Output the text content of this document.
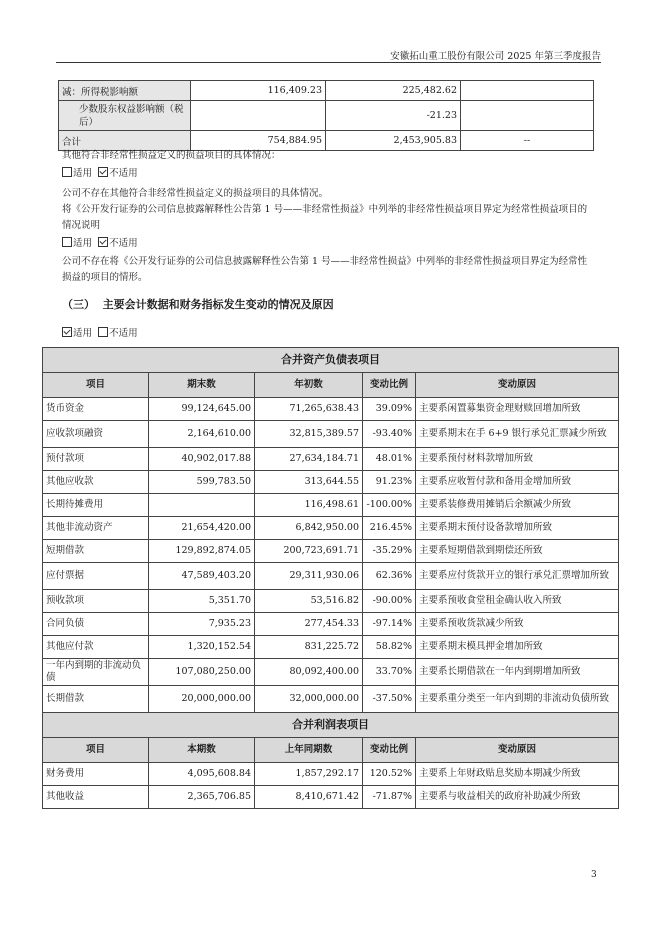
安徽拓山重工股份有限公司 2025 年第三季度报告
减：所得税影响额	116,409.23	225,482.62	
少数股东权益影响额（税后）		-21.23	
合计	754,884.95	2,453,905.83	--
其他符合非经常性损益定义的损益项目的具体情况：
适用 不适用
公司不存在其他符合非经常性损益定义的损益项目的具体情况。
将《公开发行证券的公司信息披露解释性公告第 1 号——非经常性损益》中列举的非经常性损益项目界定为经常性损益项目的情况说明
适用 不适用
公司不存在将《公开发行证券的公司信息披露解释性公告第 1 号——非经常性损益》中列举的非经常性损益项目界定为经常性损益的项目的情形。
（三） 主要会计数据和财务指标发生变动的情况及原因
适用 不适用
合并资产负债表项目				
项目	期末数	年初数	变动比例	变动原因
货币资金	99,124,645.00	71,265,638.43	39.09%	主要系闲置募集资金理财赎回增加所致
应收款项融资	2,164,610.00	32,815,389.57	-93.40%	主要系期末在手 6+9 银行承兑汇票减少所致
预付款项	40,902,017.88	27,634,184.71	48.01%	主要系预付材料款增加所致
其他应收款	599,783.50	313,644.55	91.23%	主要系应收暂付款和备用金增加所致
长期待摊费用		116,498.61	-100.00%	主要系装修费用摊销后余额减少所致
其他非流动资产	21,654,420.00	6,842,950.00	216.45%	主要系期末预付设备款增加所致
短期借款	129,892,874.05	200,723,691.71	-35.29%	主要系短期借款到期偿还所致
应付票据	47,589,403.20	29,311,930.06	62.36%	主要系应付货款开立的银行承兑汇票增加所致
预收款项	5,351.70	53,516.82	-90.00%	主要系预收食堂租金确认收入所致
合同负债	7,935.23	277,454.33	-97.14%	主要系预收货款减少所致
其他应付款	1,320,152.54	831,225.72	58.82%	主要系期末模具押金增加所致
一年内到期的非流动负债	107,080,250.00	80,092,400.00	33.70%	主要系长期借款在一年内到期增加所致
长期借款	20,000,000.00	32,000,000.00	-37.50%	主要系重分类至一年内到期的非流动负债所致
合并利润表项目				
项目	本期数	上年同期数	变动比例	变动原因
财务费用	4,095,608.84	1,857,292.17	120.52%	主要系上年财政贴息奖励本期减少所致
其他收益	2,365,706.85	8,410,671.42	-71.87%	主要系与收益相关的政府补助减少所致
3
